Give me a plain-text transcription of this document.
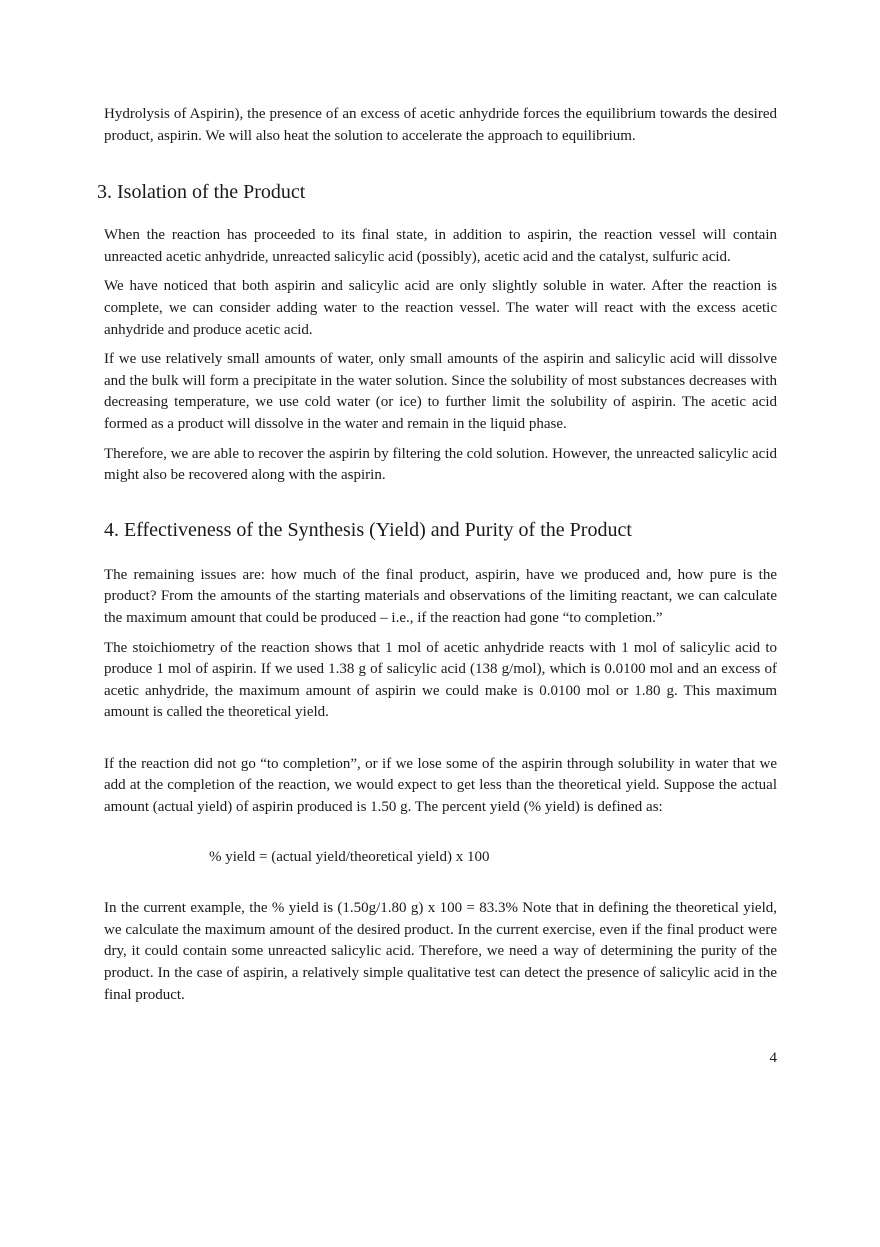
Hydrolysis of Aspirin), the presence of an excess of acetic anhydride forces the equilibrium towards the desired product, aspirin. We will also heat the solution to accelerate the approach to equilibrium.

3. Isolation of the Product

When the reaction has proceeded to its final state, in addition to aspirin, the reaction vessel will contain unreacted acetic anhydride, unreacted salicylic acid (possibly), acetic acid and the catalyst, sulfuric acid.

We have noticed that both aspirin and salicylic acid are only slightly soluble in water. After the reaction is complete, we can consider adding water to the reaction vessel. The water will react with the excess acetic anhydride and produce acetic acid.

If we use relatively small amounts of water, only small amounts of the aspirin and salicylic acid will dissolve and the bulk will form a precipitate in the water solution. Since the solubility of most substances decreases with decreasing temperature, we use cold water (or ice) to further limit the solubility of aspirin. The acetic acid formed as a product will dissolve in the water and remain in the liquid phase.

Therefore, we are able to recover the aspirin by filtering the cold solution. However, the unreacted salicylic acid might also be recovered along with the aspirin.

4. Effectiveness of the Synthesis (Yield) and Purity of the Product

The remaining issues are: how much of the final product, aspirin, have we produced and, how pure is the product? From the amounts of the starting materials and observations of the limiting reactant, we can calculate the maximum amount that could be produced – i.e., if the reaction had gone “to completion.”

The stoichiometry of the reaction shows that 1 mol of acetic anhydride reacts with 1 mol of salicylic acid to produce 1 mol of aspirin. If we used 1.38 g of salicylic acid (138 g/mol), which is 0.0100 mol and an excess of acetic anhydride, the maximum amount of aspirin we could make is 0.0100 mol or 1.80 g. This maximum amount is called the theoretical yield.

If the reaction did not go “to completion”, or if we lose some of the aspirin through solubility in water that we add at the completion of the reaction, we would expect to get less than the theoretical yield. Suppose the actual amount (actual yield) of aspirin produced is 1.50 g. The percent yield (% yield) is defined as:

% yield = (actual yield/theoretical yield) x 100

In the current example, the % yield is (1.50g/1.80 g) x 100 = 83.3% Note that in defining the theoretical yield, we calculate the maximum amount of the desired product. In the current exercise, even if the final product were dry, it could contain some unreacted salicylic acid. Therefore, we need a way of determining the purity of the product. In the case of aspirin, a relatively simple qualitative test can detect the presence of salicylic acid in the final product.

4
